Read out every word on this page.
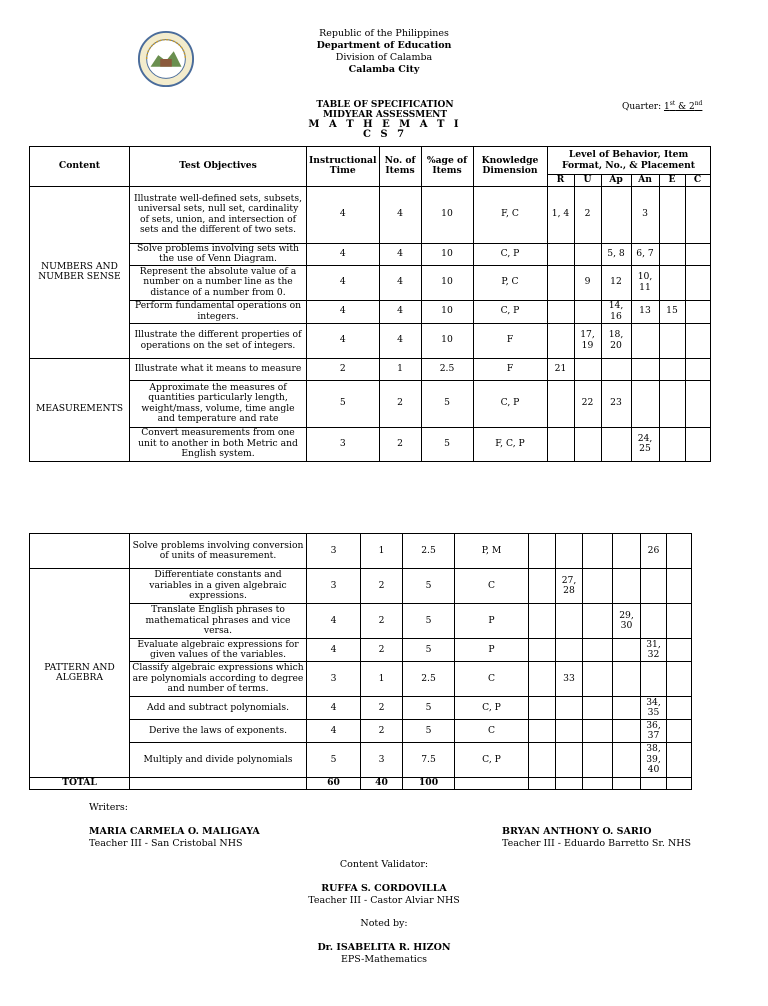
Republic of the Philippines
Department of Education
Division of Calamba
Calamba City
TABLE OF SPECIFICATION
MIDYEAR ASSESSMENT
M A T H E M A T I C S 7
Quarter: 1st & 2nd
Content	Test Objectives	Instructional Time	No. of Items	%age of Items	Knowledge Dimension	Level of Behavior, Item Format, No., & Placement					
						R	U	Ap	An	E	C
NUMBERS AND NUMBER SENSE	Illustrate well-defined sets, subsets, universal sets, null set, cardinality of sets, union, and intersection of sets and the different of two sets.	4	4	10	F, C	1, 4	2		3		
	Solve problems involving sets with the use of Venn Diagram.	4	4	10	C, P			5, 8	6, 7		
	Represent the absolute value of a number on a number line as the distance of a number from 0.	4	4	10	P, C		9	12	10, 11		
	Perform fundamental operations on integers.	4	4	10	C, P			14, 16	13	15	
	Illustrate the different properties of operations on the set of integers.	4	4	10	F		17, 19	18, 20			
MEASUREMENTS	Illustrate what it means to measure	2	1	2.5	F	21					
	Approximate the measures of quantities particularly length, weight/mass, volume, time angle and temperature and rate	5	2	5	C, P		22	23			
	Convert measurements from one unit to another in both Metric and English system.	3	2	5	F, C, P				24, 25		
	Solve problems involving conversion of units of measurement.	3	1	2.5	P, M					26	
PATTERN AND ALGEBRA	Differentiate constants and variables in a given algebraic expressions.	3	2	5	C		27, 28				
	Translate English phrases to mathematical phrases and vice versa.	4	2	5	P				29, 30		
	Evaluate algebraic expressions for given values of the variables.	4	2	5	P					31, 32	
	Classify algebraic expressions which are polynomials according to degree and number of terms.	3	1	2.5	C		33				
	Add and subtract polynomials.	4	2	5	C, P					34, 35	
	Derive the laws of exponents.	4	2	5	C					36, 37	
	Multiply and divide polynomials	5	3	7.5	C, P					38, 39, 40	
TOTAL		60	40	100							
Writers:
MARIA CARMELA O. MALIGAYA
Teacher III - San Cristobal NHS
BRYAN ANTHONY O. SARIO
Teacher III - Eduardo Barretto Sr. NHS
Content Validator:
RUFFA S. CORDOVILLA
Teacher III - Castor Alviar NHS
Noted by:
Dr. ISABELITA R. HIZON
EPS-Mathematics
